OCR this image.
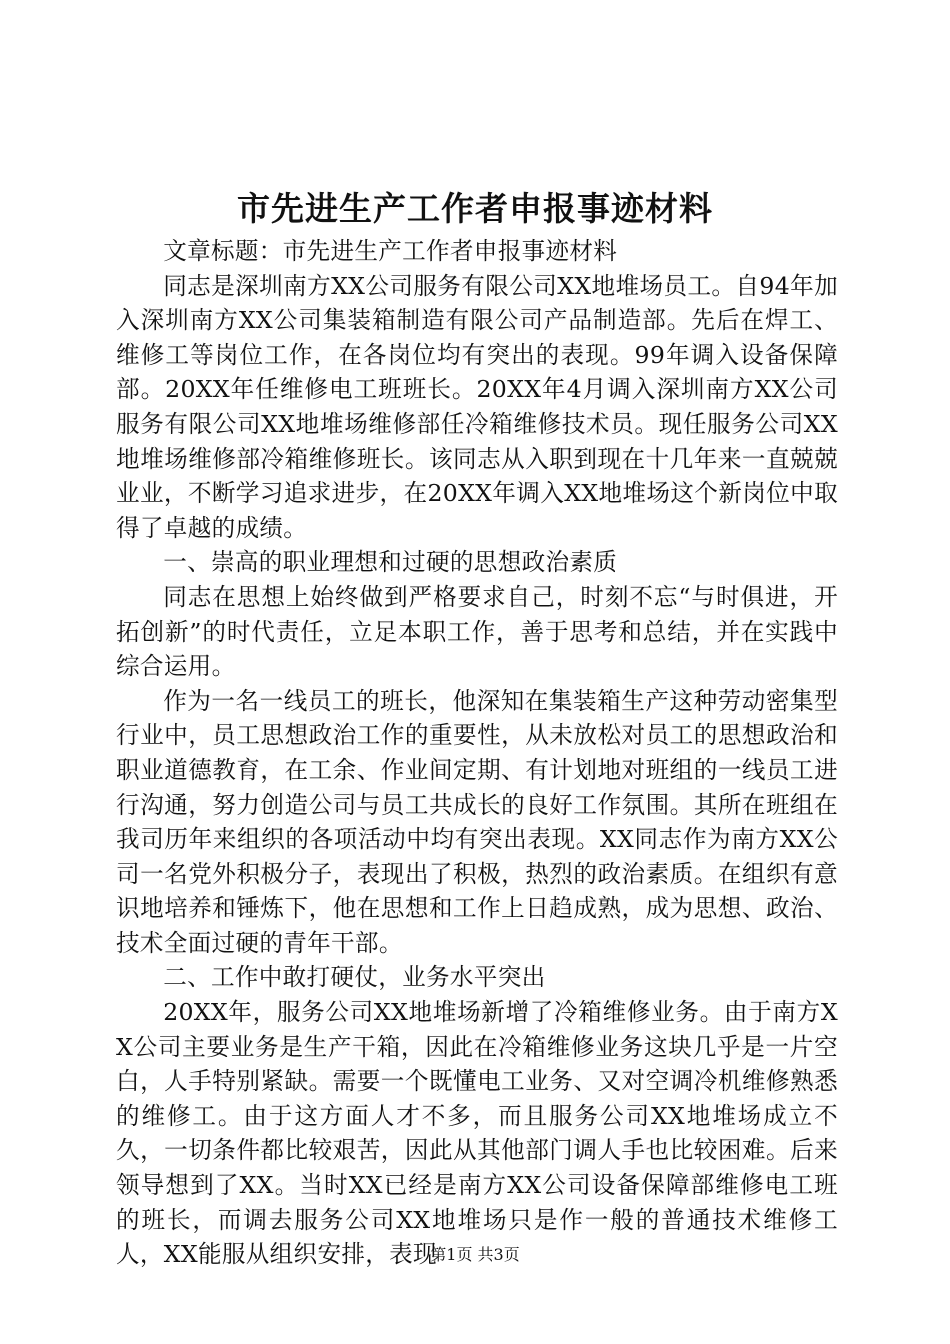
市先进生产工作者申报事迹材料

文章标题：市先进生产工作者申报事迹材料

同志是深圳南方XX公司服务有限公司XX地堆场员工。自94年加入深圳南方XX公司集装箱制造有限公司产品制造部。先后在焊工、维修工等岗位工作，在各岗位均有突出的表现。99年调入设备保障部。20XX年任维修电工班班长。20XX年4月调入深圳南方XX公司服务有限公司XX地堆场维修部任冷箱维修技术员。现任服务公司XX地堆场维修部冷箱维修班长。该同志从入职到现在十几年来一直兢兢业业，不断学习追求进步，在20XX年调入XX地堆场这个新岗位中取得了卓越的成绩。

一、崇高的职业理想和过硬的思想政治素质

同志在思想上始终做到严格要求自己，时刻不忘“与时俱进，开拓创新”的时代责任，立足本职工作，善于思考和总结，并在实践中综合运用。

作为一名一线员工的班长，他深知在集装箱生产这种劳动密集型行业中，员工思想政治工作的重要性，从未放松对员工的思想政治和职业道德教育，在工余、作业间定期、有计划地对班组的一线员工进行沟通，努力创造公司与员工共成长的良好工作氛围。其所在班组在我司历年来组织的各项活动中均有突出表现。XX同志作为南方XX公司一名党外积极分子，表现出了积极，热烈的政治素质。在组织有意识地培养和锤炼下，他在思想和工作上日趋成熟，成为思想、政治、技术全面过硬的青年干部。

二、工作中敢打硬仗，业务水平突出

20XX年，服务公司XX地堆场新增了冷箱维修业务。由于南方XX公司主要业务是生产干箱，因此在冷箱维修业务这块几乎是一片空白，人手特别紧缺。需要一个既懂电工业务、又对空调冷机维修熟悉的维修工。由于这方面人才不多，而且服务公司XX地堆场成立不久，一切条件都比较艰苦，因此从其他部门调人手也比较困难。后来领导想到了XX。当时XX已经是南方XX公司设备保障部维修电工班的班长，而调去服务公司XX地堆场只是作一般的普通技术维修工人，XX能服从组织安排，表现

第1页 共3页
